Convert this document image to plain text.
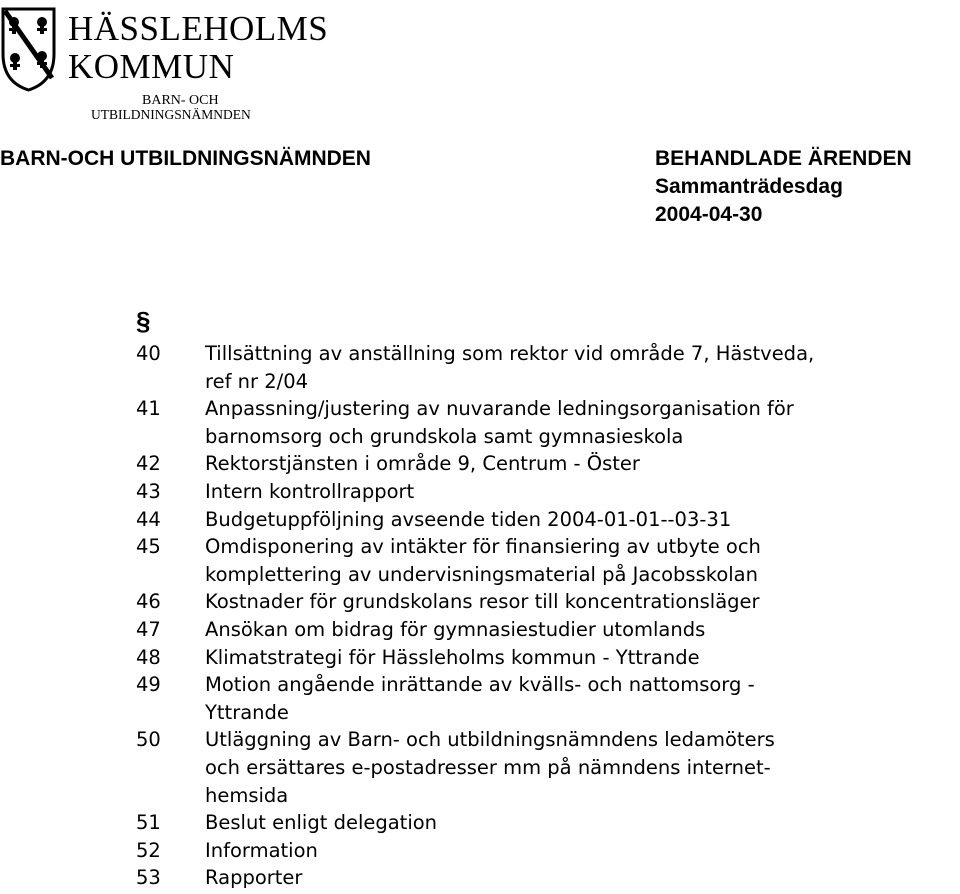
HÄSSLEHOLMS
KOMMUN
BARN- OCH
UTBILDNINGSNÄMNDEN
BARN-OCH UTBILDNINGSNÄMNDEN	BEHANDLADE ÄRENDEN
Sammanträdesdag
2004-04-30
§
40	Tillsättning av anställning som rektor vid område 7, Hästveda,
ref nr 2/04
41	Anpassning/justering av nuvarande ledningsorganisation för
barnomsorg och grundskola samt gymnasieskola
42	Rektorstjänsten i område 9, Centrum - Öster
43	Intern kontrollrapport
44	Budgetuppföljning avseende tiden 2004-01-01--03-31
45	Omdisponering av intäkter för finansiering av utbyte och
komplettering av undervisningsmaterial på Jacobsskolan
46	Kostnader för grundskolans resor till koncentrationsläger
47	Ansökan om bidrag för gymnasiestudier utomlands
48	Klimatstrategi för Hässleholms kommun - Yttrande
49	Motion angående inrättande av kvälls- och nattomsorg -
Yttrande
50	Utläggning av Barn- och utbildningsnämndens ledamöters
och ersättares e-postadresser mm på nämndens internet-
hemsida
51	Beslut enligt delegation
52	Information
53	Rapporter
